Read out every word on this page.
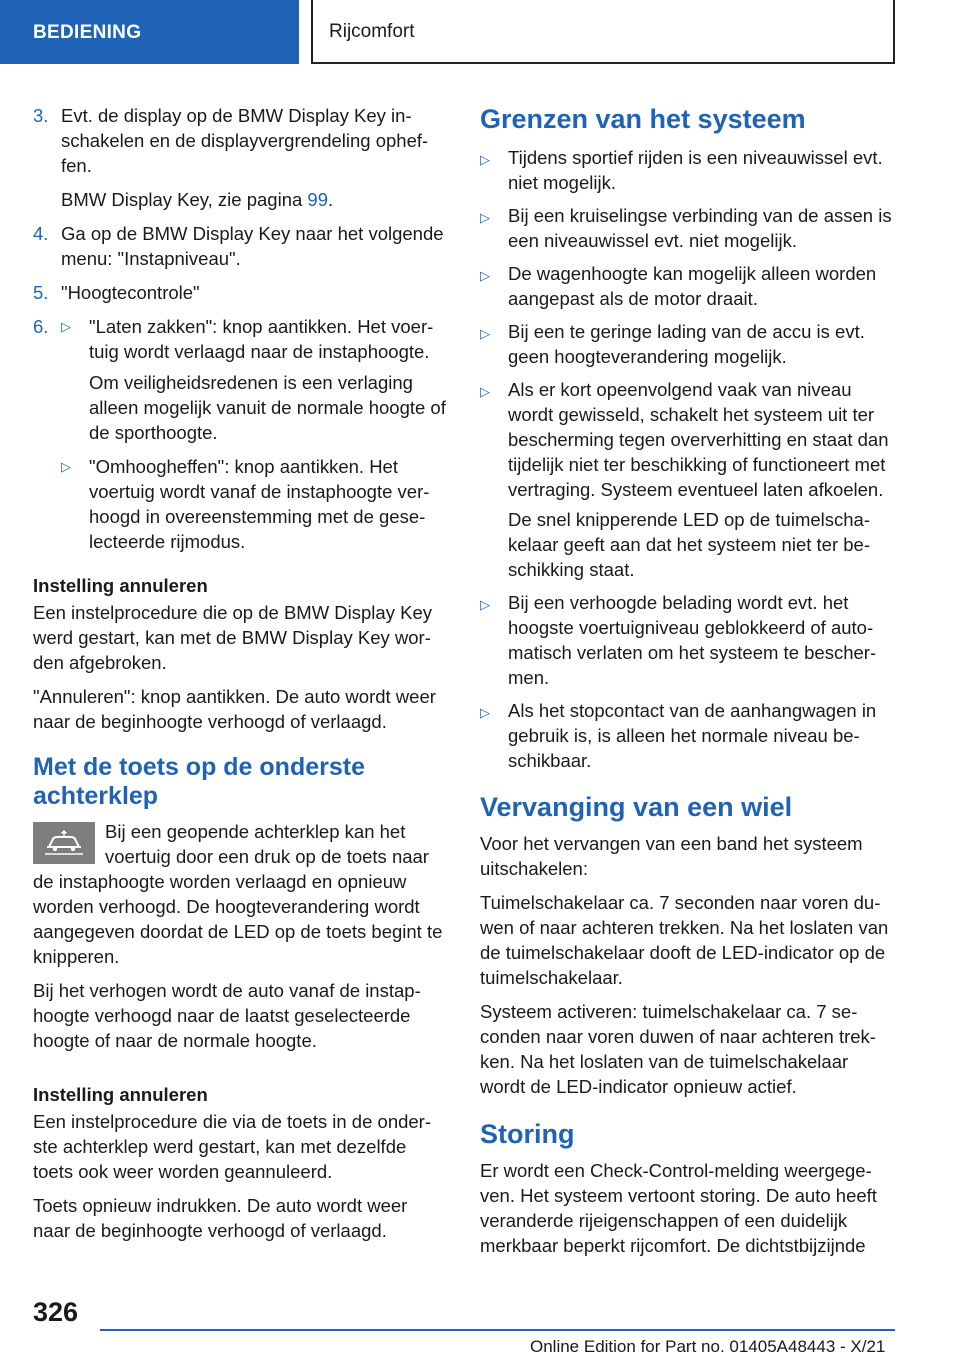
BEDIENING	Rijcomfort
3. Evt. de display op de BMW Display Key inschakelen en de displayvergrendeling opheffen.

BMW Display Key, zie pagina 99.

4. Ga op de BMW Display Key naar het volgende menu: "Instapniveau".
5. "Hoogtecontrole"
6. ▷ "Laten zakken": knop aantikken. Het voertuig wordt verlaagd naar de instaphoogte.

Om veiligheidsredenen is een verlaging alleen mogelijk vanuit de normale hoogte of de sporthoogte.

▷ "Omhoogheffen": knop aantikken. Het voertuig wordt vanaf de instaphoogte verhoogd in overeenstemming met de geselecteerde rijmodus.

Instelling annuleren

Een instelprocedure die op de BMW Display Key werd gestart, kan met de BMW Display Key worden afgebroken.

"Annuleren": knop aantikken. De auto wordt weer naar de beginhoogte verhoogd of verlaagd.

Met de toets op de onderste achterklep

Bij een geopende achterklep kan het voertuig door een druk op de toets naar de instaphoogte worden verlaagd en opnieuw worden verhoogd. De hoogteverandering wordt aangegeven doordat de LED op de toets begint te knipperen.

Bij het verhogen wordt de auto vanaf de instaphoogte verhoogd naar de laatst geselecteerde hoogte of naar de normale hoogte.

Instelling annuleren

Een instelprocedure die via de toets in de onderste achterklep werd gestart, kan met dezelfde toets ook weer worden geannuleerd.

Toets opnieuw indrukken. De auto wordt weer naar de beginhoogte verhoogd of verlaagd.

Grenzen van het systeem
▷ Tijdens sportief rijden is een niveauwissel evt. niet mogelijk.
▷ Bij een kruiselingse verbinding van de assen is een niveauwissel evt. niet mogelijk.
▷ De wagenhoogte kan mogelijk alleen worden aangepast als de motor draait.
▷ Bij een te geringe lading van de accu is evt. geen hoogteverandering mogelijk.
▷ Als er kort opeenvolgend vaak van niveau wordt gewisseld, schakelt het systeem uit ter bescherming tegen oververhitting en staat dan tijdelijk niet ter beschikking of functioneert met vertraging. Systeem eventueel laten afkoelen.

De snel knipperende LED op de tuimelschakelaar geeft aan dat het systeem niet ter beschikking staat.

▷ Bij een verhoogde belading wordt evt. het hoogste voertuigniveau geblokkeerd of automatisch verlaten om het systeem te beschermen.
▷ Als het stopcontact van de aanhangwagen in gebruik is, is alleen het normale niveau beschikbaar.
Vervanging van een wiel

Voor het vervangen van een band het systeem uitschakelen:

Tuimelschakelaar ca. 7 seconden naar voren duwen of naar achteren trekken. Na het loslaten van de tuimelschakelaar dooft de LED-indicator op de tuimelschakelaar.

Systeem activeren: tuimelschakelaar ca. 7 seconden naar voren duwen of naar achteren trekken. Na het loslaten van de tuimelschakelaar wordt de LED-indicator opnieuw actief.

Storing

Er wordt een Check-Control-melding weergegeven. Het systeem vertoont storing. De auto heeft veranderde rijeigenschappen of een duidelijk merkbaar beperkt rijcomfort. De dichtstbijzijnde

326
Online Edition for Part no. 01405A48443 - X/21
